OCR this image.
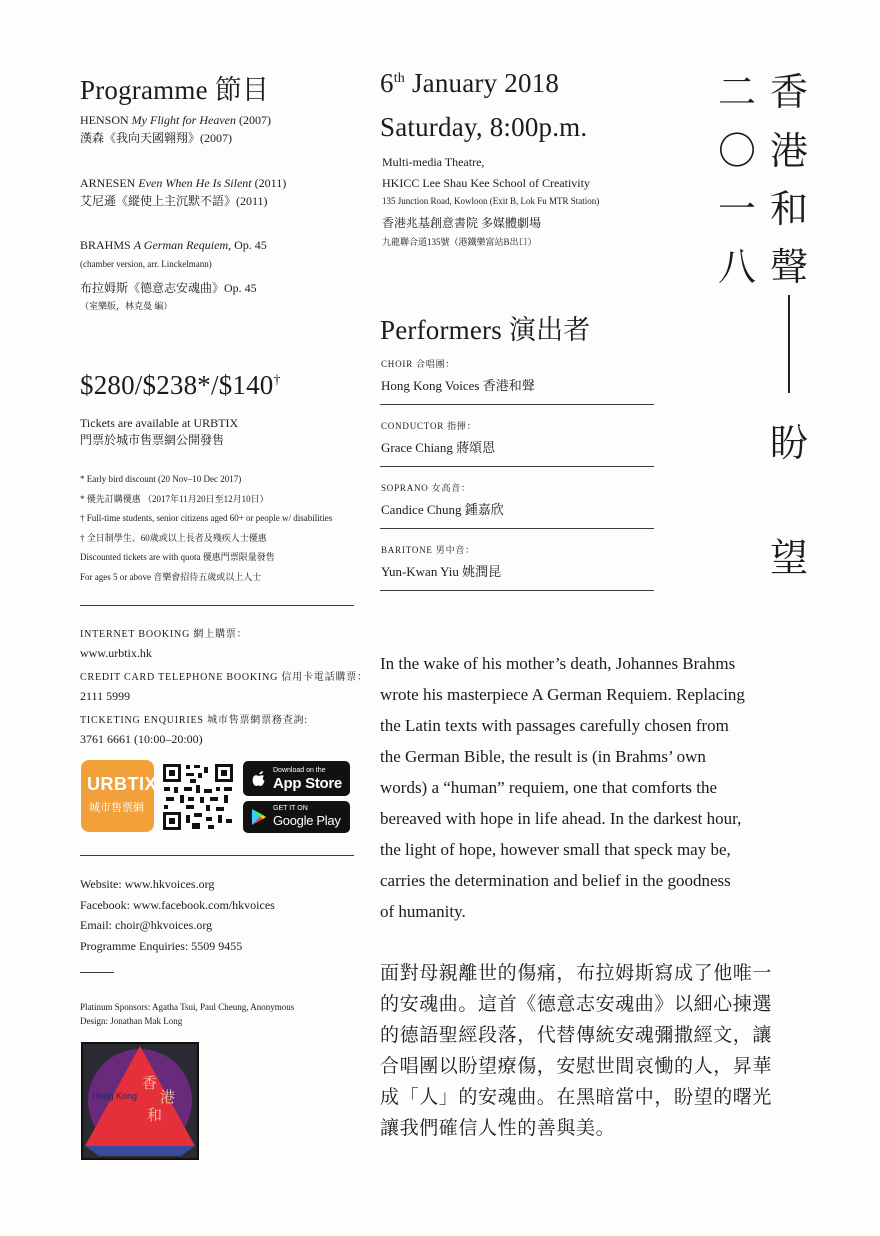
Programme 節目
HENSON My Flight for Heaven (2007)
漢森《我向天國翱翔》(2007)
ARNESEN Even When He Is Silent (2011)
艾尼遜《縱使上主沉默不語》(2011)
BRAHMS A German Requiem, Op. 45
(chamber version, arr. Linckelmann)
布拉姆斯《德意志安魂曲》Op. 45
（室樂版，林克曼 編）
$280/$238*/$140†
Tickets are available at URBTIX
門票於城市售票網公開發售
* Early bird discount (20 Nov–10 Dec 2017)
* 優先訂購優惠 （2017年11月20日至12月10日）
† Full-time students, senior citizens aged 60+ or people w/ disabilities
† 全日制學生、60歲或以上長者及殘疾人士優惠
Discounted tickets are with quota 優惠門票限量發售
For ages 5 or above 音樂會招待五歲或以上人士
INTERNET BOOKING 網上購票：
www.urbtix.hk
CREDIT CARD TELEPHONE BOOKING 信用卡電話購票：
2111 5999
TICKETING ENQUIRIES 城市售票網票務查詢:
3761 6661 (10:00–20:00)
URBTIX
城市售票網
Download on the
App Store
GET IT ON
Google Play
Website: www.hkvoices.org
Facebook: www.facebook.com/hkvoices
Email: choir@hkvoices.org
Programme Enquiries: 5509 9455
Platinum Sponsors: Agatha Tsui, Paul Cheung, Anonymous
Design: Jonathan Mak Long
Hong Kong
香
港
和
6th January 2018
Saturday, 8:00p.m.
Multi-media Theatre,
HKICC Lee Shau Kee School of Creativity
135 Junction Road, Kowloon (Exit B, Lok Fu MTR Station)
香港兆基創意書院 多媒體劇場
九龍聯合道135號（港鐵樂富站B出口）
Performers 演出者
CHOIR 合唱團：
Hong Kong Voices 香港和聲
CONDUCTOR 指揮：
Grace Chiang 蔣頌恩
SOPRANO 女高音：
Candice Chung 鍾嘉欣
BARITONE 男中音：
Yun-Kwan Yiu 姚潤昆
香
港
和
聲
二
〇
一
八
盼
望
In the wake of his mother’s death, Johannes Brahms
wrote his masterpiece A German Requiem. Replacing
the Latin texts with passages carefully chosen from
the German Bible, the result is (in Brahms’ own
words) a “human” requiem, one that comforts the
bereaved with hope in life ahead. In the darkest hour,
the light of hope, however small that speck may be,
carries the determination and belief in the goodness
of humanity.
面對母親離世的傷痛，布拉姆斯寫成了他唯一
的安魂曲。這首《德意志安魂曲》以細心揀選
的德語聖經段落，代替傳統安魂彌撒經文，讓
合唱團以盼望療傷，安慰世間哀慟的人，昇華
成「人」的安魂曲。在黑暗當中，盼望的曙光
讓我們確信人性的善與美。
